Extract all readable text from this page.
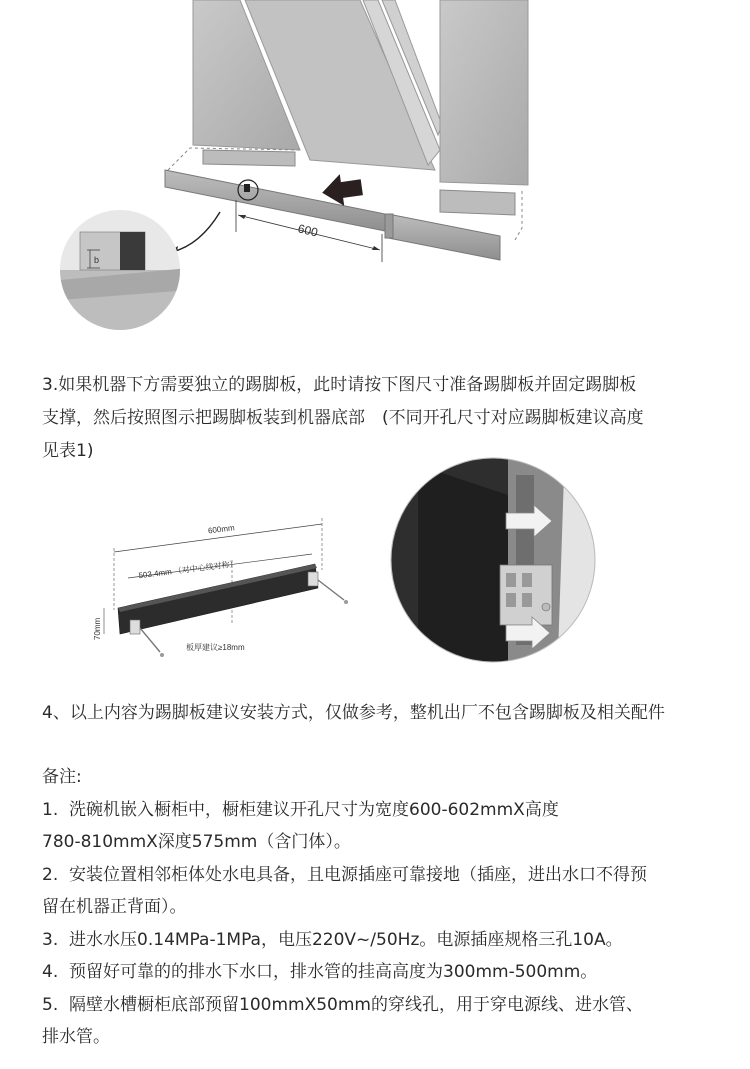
600
b

3.如果机器下方需要独立的踢脚板，此时请按下图尺寸准备踢脚板并固定踢脚板

支撑，然后按照图示把踢脚板装到机器底部　(不同开孔尺寸对应踢脚板建议高度

见表1)

600mm
503.4mm （对中心线对称）
70mm
板厚建议≥18mm

4、以上内容为踢脚板建议安装方式，仅做参考，整机出厂不包含踢脚板及相关配件

备注:

1.  洗碗机嵌入橱柜中，橱柜建议开孔尺寸为宽度600-602mmX高度

780-810mmX深度575mm（含门体）。

2.  安装位置相邻柜体处水电具备，且电源插座可靠接地（插座，进出水口不得预

留在机器正背面）。

3.  进水水压0.14MPa-1MPa，电压220V~/50Hz。电源插座规格三孔10A。

4.  预留好可靠的的排水下水口，排水管的挂高高度为300mm-500mm。

5.  隔壁水槽橱柜底部预留100mmX50mm的穿线孔，用于穿电源线、进水管、

排水管。
